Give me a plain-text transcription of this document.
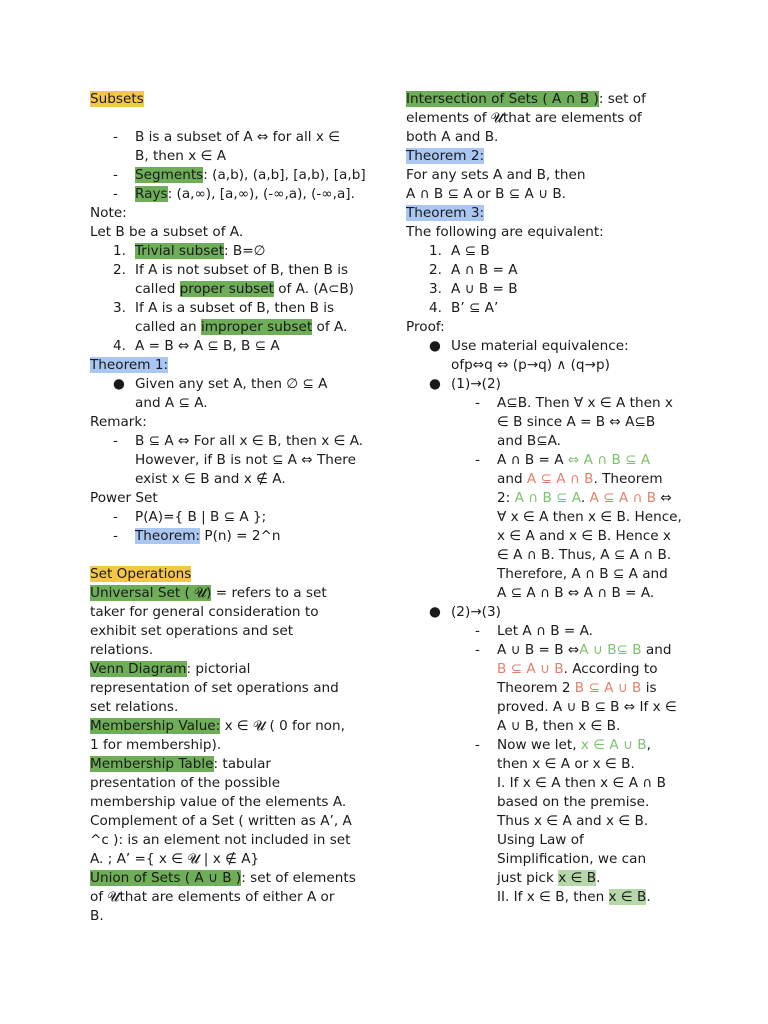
Subsets
- B is a subset of A ⇔ for all x ∈
B, then x ∈ A
- Segments: (a,b), (a,b], [a,b), [a,b]
- Rays: (a,∞), [a,∞), (-∞,a), (-∞,a].
Note:
Let B be a subset of A.
1. Trivial subset: B=∅
2. If A is not subset of B, then B is
called proper subset of A. (A⊂B)
3. If A is a subset of B, then B is
called an improper subset of A.
4. A = B ⇔ A ⊆ B, B ⊆ A
Theorem 1:
● Given any set A, then ∅ ⊆ A
and A ⊆ A.
Remark:
- B ⊆ A ⇔ For all x ∈ B, then x ∈ A.
However, if B is not ⊆ A ⇔ There
exist x ∈ B and x ∉ A.
Power Set
- P(A)={ B | B ⊆ A };
- Theorem: P(n) = 2^n
Set Operations
Universal Set ( 𝓤) = refers to a set
taker for general consideration to
exhibit set operations and set
relations.
Venn Diagram: pictorial
representation of set operations and
set relations.
Membership Value: x ∈ 𝓤 ( 0 for non,
1 for membership).
Membership Table: tabular
presentation of the possible
membership value of the elements A.
Complement of a Set ( written as A’, A
^c ): is an element not included in set
A. ; A’ ={ x ∈ 𝓤 | x ∉ A}
Union of Sets ( A ∪ B ): set of elements
of 𝓤that are elements of either A or
B.
Intersection of Sets ( A ∩ B ): set of
elements of 𝓤that are elements of
both A and B.
Theorem 2:
For any sets A and B, then
A ∩ B ⊆ A or B ⊆ A ∪ B.
Theorem 3:
The following are equivalent:
1. A ⊆ B
2. A ∩ B = A
3. A ∪ B = B
4. B’ ⊆ A’
Proof:
● Use material equivalence:
ofp⇔q ⇔ (p→q) ∧ (q→p)
● (1)→(2)
- A⊆B. Then ∀ x ∈ A then x
∈ B since A = B ⇔ A⊆B
and B⊆A.
- A ∩ B = A ⇔ A ∩ B ⊆ A
and A ⊆ A ∩ B. Theorem
2: A ∩ B ⊆ A. A ⊆ A ∩ B ⇔
∀ x ∈ A then x ∈ B. Hence,
x ∈ A and x ∈ B. Hence x
∈ A ∩ B. Thus, A ⊆ A ∩ B.
Therefore, A ∩ B ⊆ A and
A ⊆ A ∩ B ⇔ A ∩ B = A.
● (2)→(3)
- Let A ∩ B = A.
- A ∪ B = B ⇔A ∪ B⊆ B and
B ⊆ A ∪ B. According to
Theorem 2 B ⊆ A ∪ B is
proved. A ∪ B ⊆ B ⇔ If x ∈
A ∪ B, then x ∈ B.
- Now we let, x ∈ A ∪ B,
then x ∈ A or x ∈ B.
I. If x ∈ A then x ∈ A ∩ B
based on the premise.
Thus x ∈ A and x ∈ B.
Using Law of
Simplification, we can
just pick x ∈ B.
II. If x ∈ B, then x ∈ B.
